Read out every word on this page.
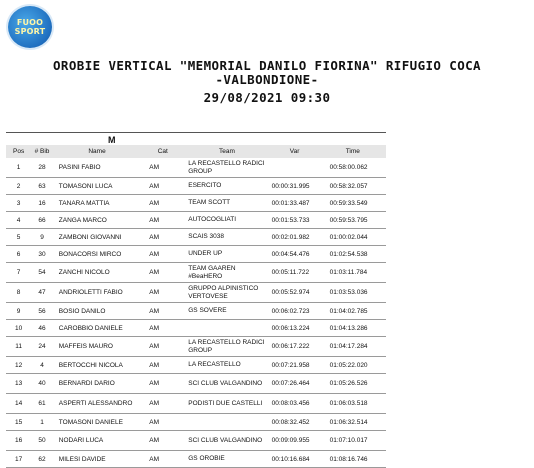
FUOO
SPORT
OROBIE VERTICAL "MEMORIAL DANILO FIORINA" RIFUGIO COCA
-VALBONDIONE-
29/08/2021 09:30
M
Pos	# Bib	Name	Cat	Team	Var	Time
1	28	PASINI FABIO	AM	LA RECASTELLO RADICI GROUP		00:58:00.062
2	63	TOMASONI LUCA	AM	ESERCITO	00:00:31.995	00:58:32.057
3	16	TANARA MATTIA	AM	TEAM SCOTT	00:01:33.487	00:59:33.549
4	66	ZANGA MARCO	AM	AUTOCOGLIATI	00:01:53.733	00:59:53.795
5	9	ZAMBONI GIOVANNI	AM	SCAIS 3038	00:02:01.982	01:00:02.044
6	30	BONACORSI MIRCO	AM	UNDER UP	00:04:54.476	01:02:54.538
7	54	ZANCHI NICOLO	AM	TEAM GAAREN #BeaHERO	00:05:11.722	01:03:11.784
8	47	ANDRIOLETTI FABIO	AM	GRUPPO ALPINISTICO VERTOVESE	00:05:52.974	01:03:53.036
9	56	BOSIO DANILO	AM	GS SOVERE	00:06:02.723	01:04:02.785
10	46	CAROBBIO DANIELE	AM		00:06:13.224	01:04:13.286
11	24	MAFFEIS MAURO	AM	LA RECASTELLO RADICI GROUP	00:06:17.222	01:04:17.284
12	4	BERTOCCHI NICOLA	AM	LA RECASTELLO	00:07:21.958	01:05:22.020
13	40	BERNARDI DARIO	AM	SCI CLUB VALGANDINO	00:07:26.464	01:05:26.526
14	61	ASPERTI ALESSANDRO	AM	PODISTI DUE CASTELLI	00:08:03.456	01:06:03.518
15	1	TOMASONI DANIELE	AM		00:08:32.452	01:06:32.514
16	50	NODARI LUCA	AM	SCI CLUB VALGANDINO	00:09:09.955	01:07:10.017
17	62	MILESI DAVIDE	AM	GS OROBIE	00:10:16.684	01:08:16.746
